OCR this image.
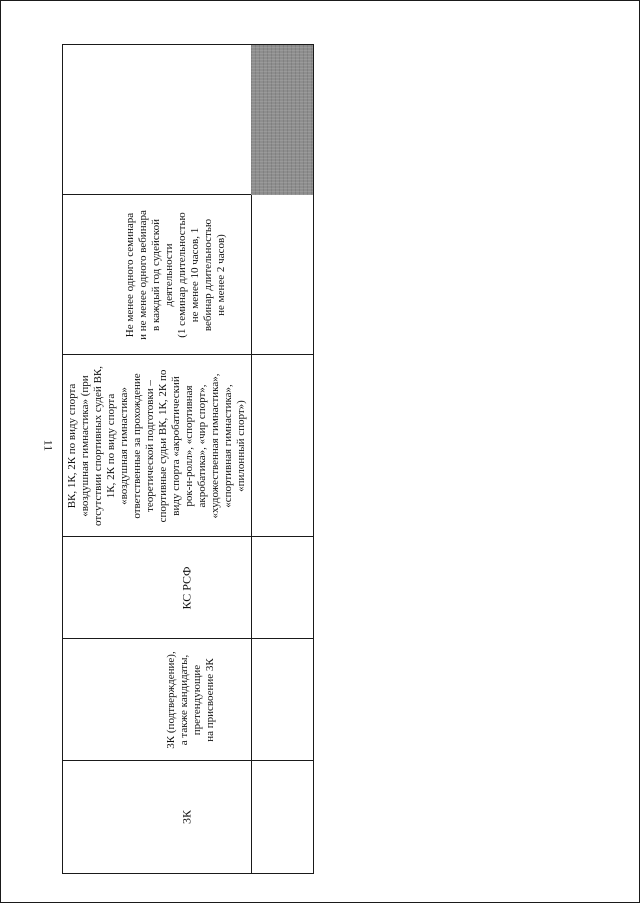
11
Не менее одного семинара и не менее одного вебинара в каждый год судейской деятельности (1 семинар длительностью не менее 10 часов, 1 вебинар длительностью не менее 2 часов)
ВК, 1К, 2К по виду спорта «воздушная гимнастика» (при отсутствии спортивных судей ВК, 1К, 2К по виду спорта «воздушная гимнастика» ответственные за прохождение теоретической подготовки – спортивные судьи ВК, 1К, 2К по виду спорта «акробатический рок-н-ролл», «спортивная акробатика», «чир спорт», «художественная гимнастика», «спортивная гимнастика», «пилонный спорт»)
КС РСФ
3К (подтверждение), а также кандидаты, претендующие на присвоение 3К
3К
